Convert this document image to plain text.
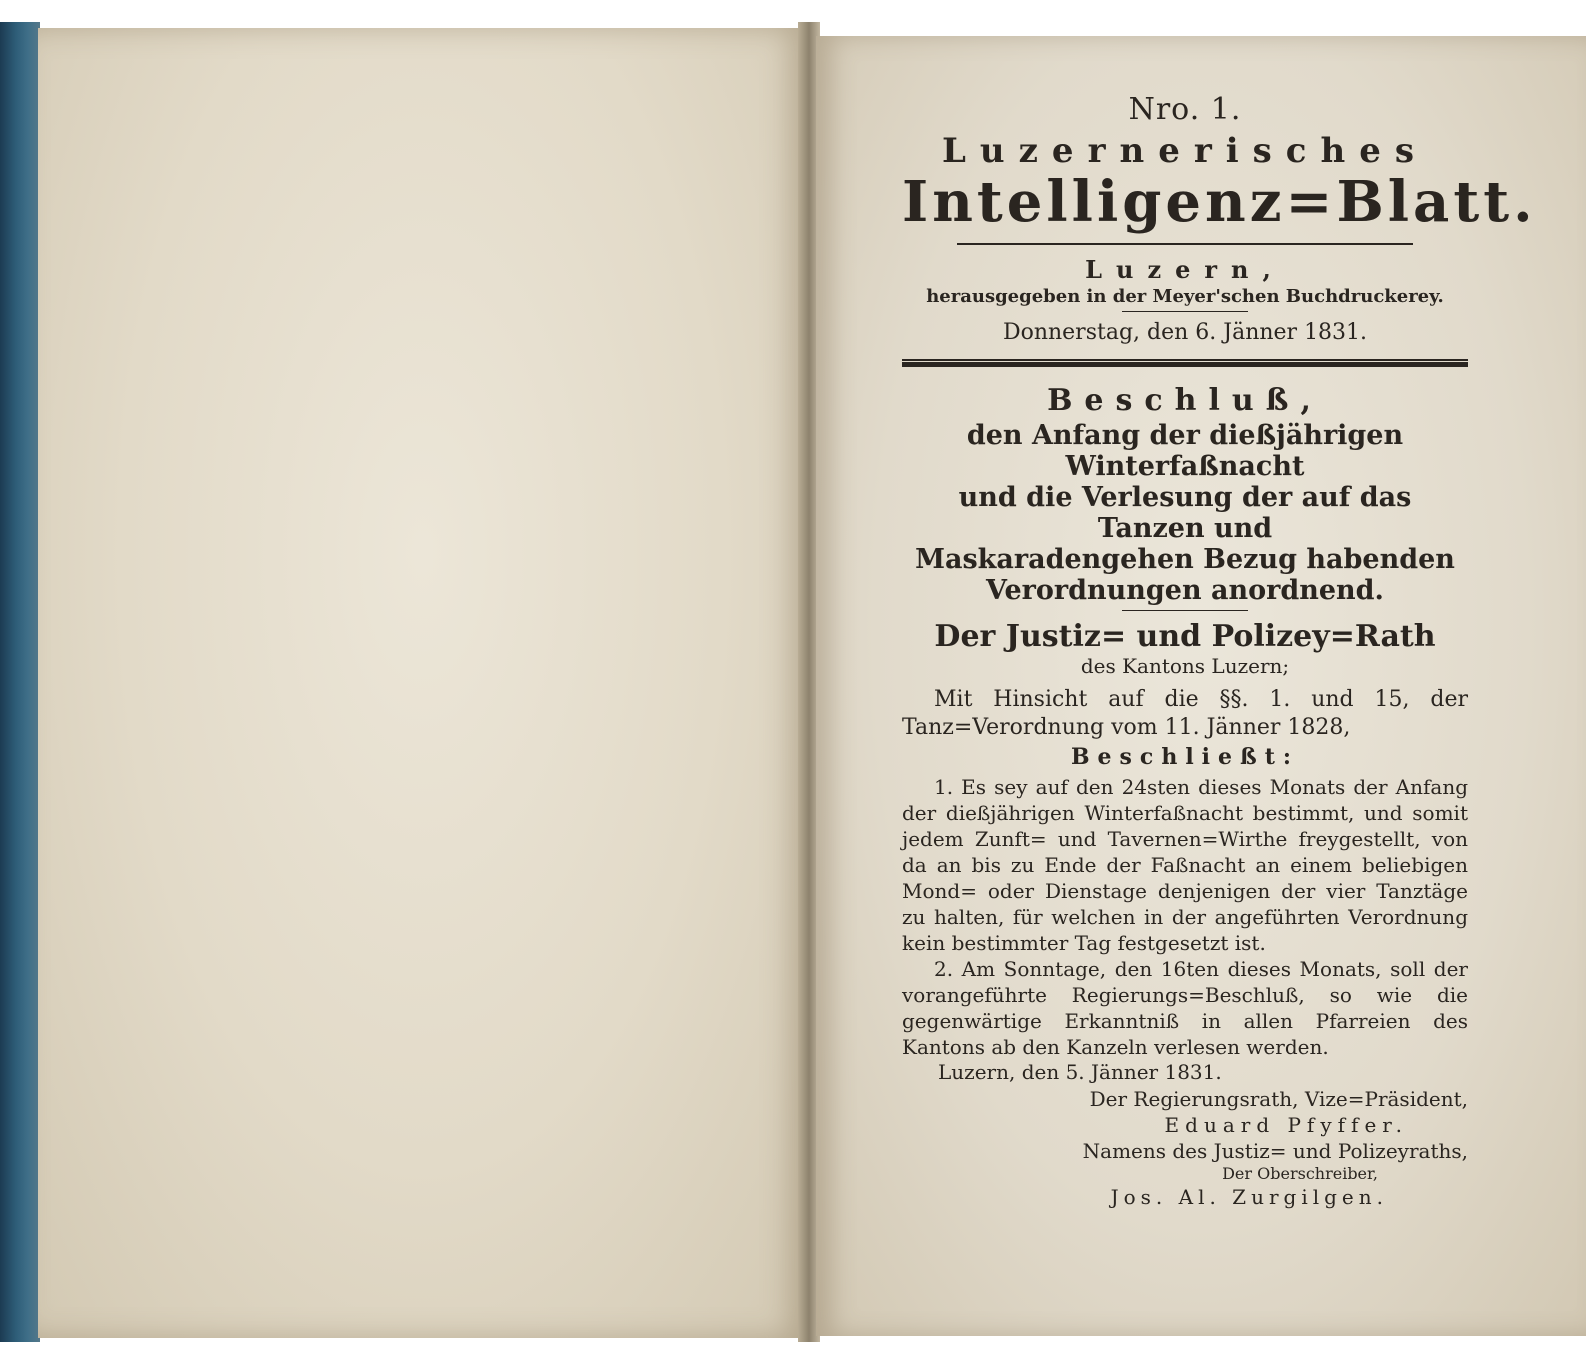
Nro. 1.

Luzernerisches

Intelligenz=Blatt.

Luzern,

herausgegeben in der Meyer'schen Buchdruckerey.

Donnerstag, den 6. Jänner 1831.

Beschluß,

den Anfang der dießjährigen Winterfaßnacht
und die Verlesung der auf das Tanzen und
Maskaradengehen Bezug habenden
Verordnungen anordnend.

Der Justiz= und Polizey=Rath

des Kantons Luzern;

Mit Hinsicht auf die §§. 1. und 15, der Tanz=Verordnung vom 11. Jänner 1828,

Beschließt:

1. Es sey auf den 24sten dieses Monats der Anfang der dießjährigen Winterfaßnacht bestimmt, und somit jedem Zunft= und Tavernen=Wirthe freygestellt, von da an bis zu Ende der Faßnacht an einem beliebigen Mond= oder Dienstage denjenigen der vier Tanztäge zu halten, für welchen in der angeführten Verordnung kein bestimmter Tag festgesetzt ist.

2. Am Sonntage, den 16ten dieses Monats, soll der vorangeführte Regierungs=Beschluß, so wie die gegenwärtige Erkanntniß in allen Pfarreien des Kantons ab den Kanzeln verlesen werden.

Luzern, den 5. Jänner 1831.

Der Regierungsrath, Vize=Präsident,

Eduard Pfyffer.

Namens des Justiz= und Polizeyraths,

Der Oberschreiber,

Jos. Al. Zurgilgen.
